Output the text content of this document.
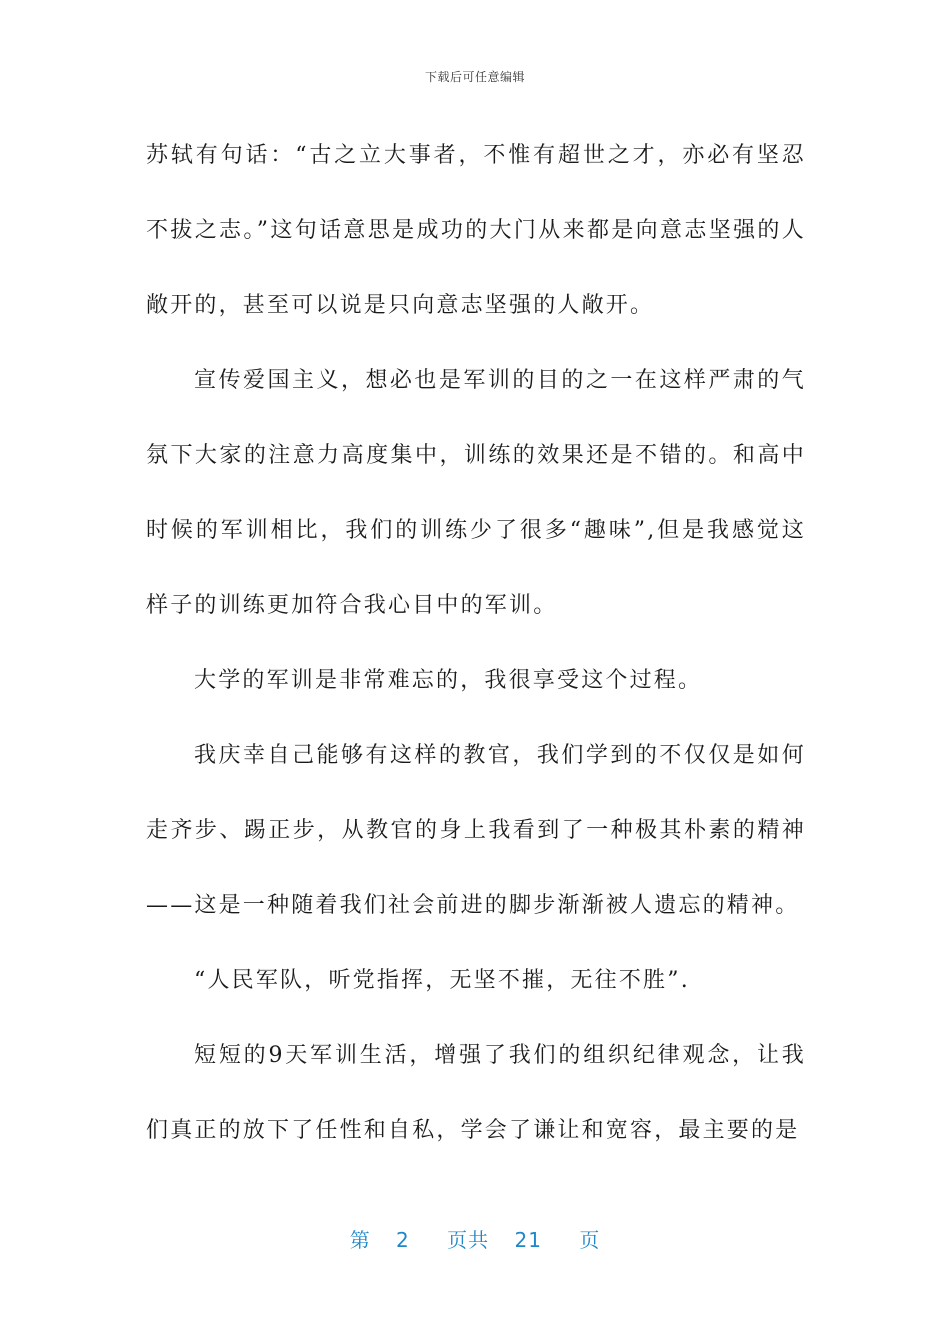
下载后可任意编辑

苏轼有句话：“古之立大事者，不惟有超世之才，亦必有坚忍不拔之志。”这句话意思是成功的大门从来都是向意志坚强的人敞开的，甚至可以说是只向意志坚强的人敞开。

宣传爱国主义，想必也是军训的目的之一在这样严肃的气氛下大家的注意力高度集中，训练的效果还是不错的。和高中时候的军训相比，我们的训练少了很多“趣味”,但是我感觉这样子的训练更加符合我心目中的军训。

大学的军训是非常难忘的，我很享受这个过程。

我庆幸自己能够有这样的教官，我们学到的不仅仅是如何走齐步、踢正步，从教官的身上我看到了一种极其朴素的精神——这是一种随着我们社会前进的脚步渐渐被人遗忘的精神。

“人民军队，听党指挥，无坚不摧，无往不胜”.

短短的9天军训生活，增强了我们的组织纪律观念，让我们真正的放下了任性和自私，学会了谦让和宽容，最主要的是

第 2 页共 21 页
